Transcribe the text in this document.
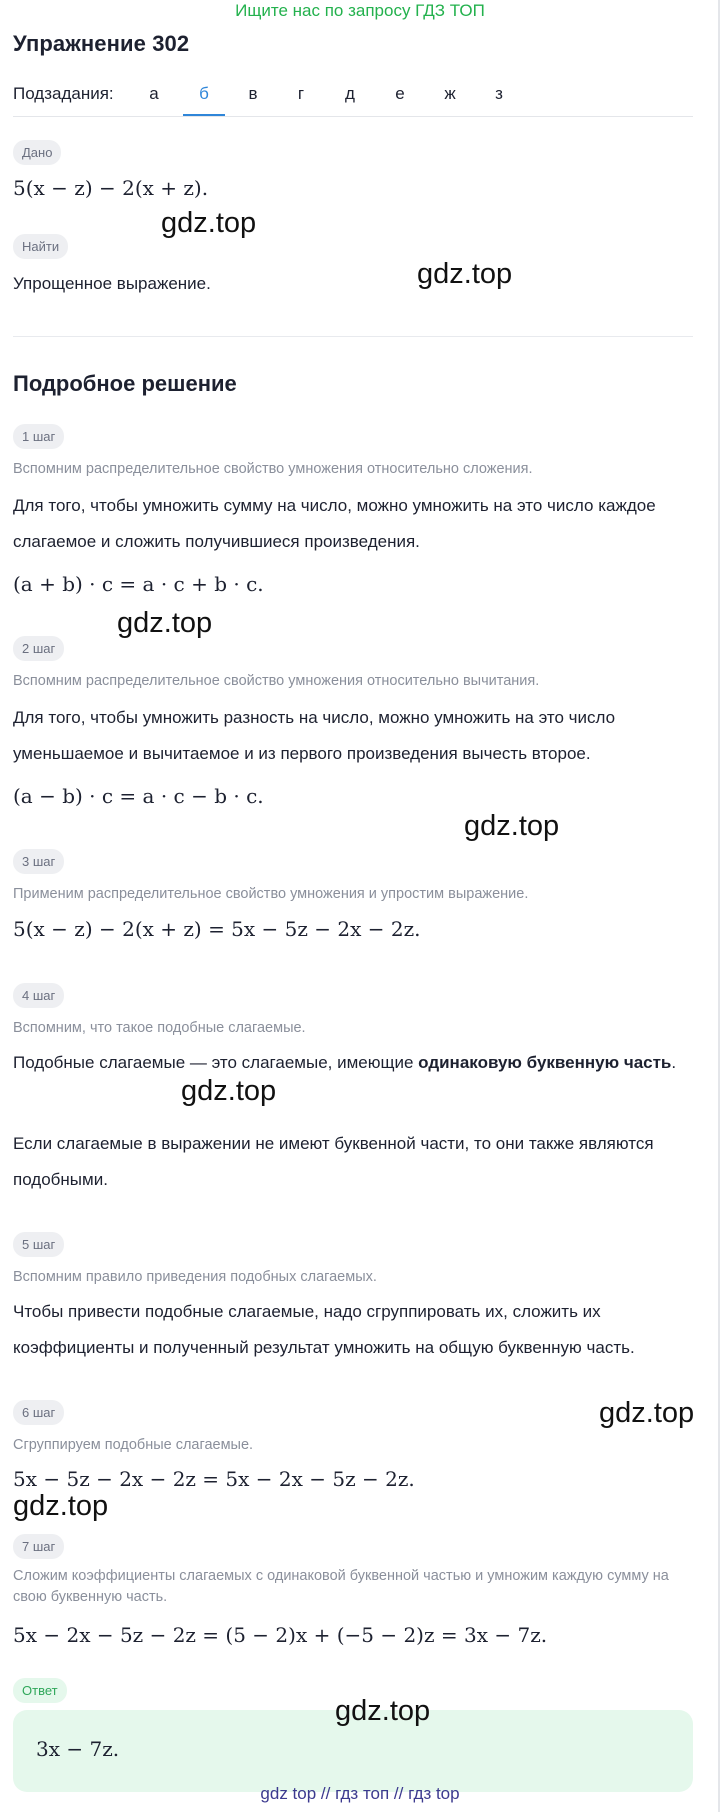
Ищите нас по запросу ГДЗ ТОП
Упражнение 302
Подзадания:	а	б	в	г	д	е	ж	з
Дано
5(x − z) − 2(x + z).
Найти
Упрощенное выражение.
Подробное решение
1 шаг
Вспомним распределительное свойство умножения относительно сложения.
Для того, чтобы умножить сумму на число, можно умножить на это число каждое слагаемое и сложить получившиеся произведения.
(a + b) · c = a · c + b · c.
2 шаг
Вспомним распределительное свойство умножения относительно вычитания.
Для того, чтобы умножить разность на число, можно умножить на это число уменьшаемое и вычитаемое и из первого произведения вычесть второе.
(a − b) · c = a · c − b · c.
3 шаг
Применим распределительное свойство умножения и упростим выражение.
5(x − z) − 2(x + z) = 5x − 5z − 2x − 2z.
4 шаг
Вспомним, что такое подобные слагаемые.
Подобные слагаемые — это слагаемые, имеющие одинаковую буквенную часть.
Если слагаемые в выражении не имеют буквенной части, то они также являются подобными.
5 шаг
Вспомним правило приведения подобных слагаемых.
Чтобы привести подобные слагаемые, надо сгруппировать их, сложить их коэффициенты и полученный результат умножить на общую буквенную часть.
6 шаг
Сгруппируем подобные слагаемые.
5x − 5z − 2x − 2z = 5x − 2x − 5z − 2z.
7 шаг
Сложим коэффициенты слагаемых с одинаковой буквенной частью и умножим каждую сумму на свою буквенную часть.
5x − 2x − 5z − 2z = (5 − 2)x + (−5 − 2)z = 3x − 7z.
Ответ
3x − 7z.
gdz.top
gdz.top
gdz.top
gdz.top
gdz.top
gdz.top
gdz.top
gdz.top
gdz top // гдз топ // гдз top
